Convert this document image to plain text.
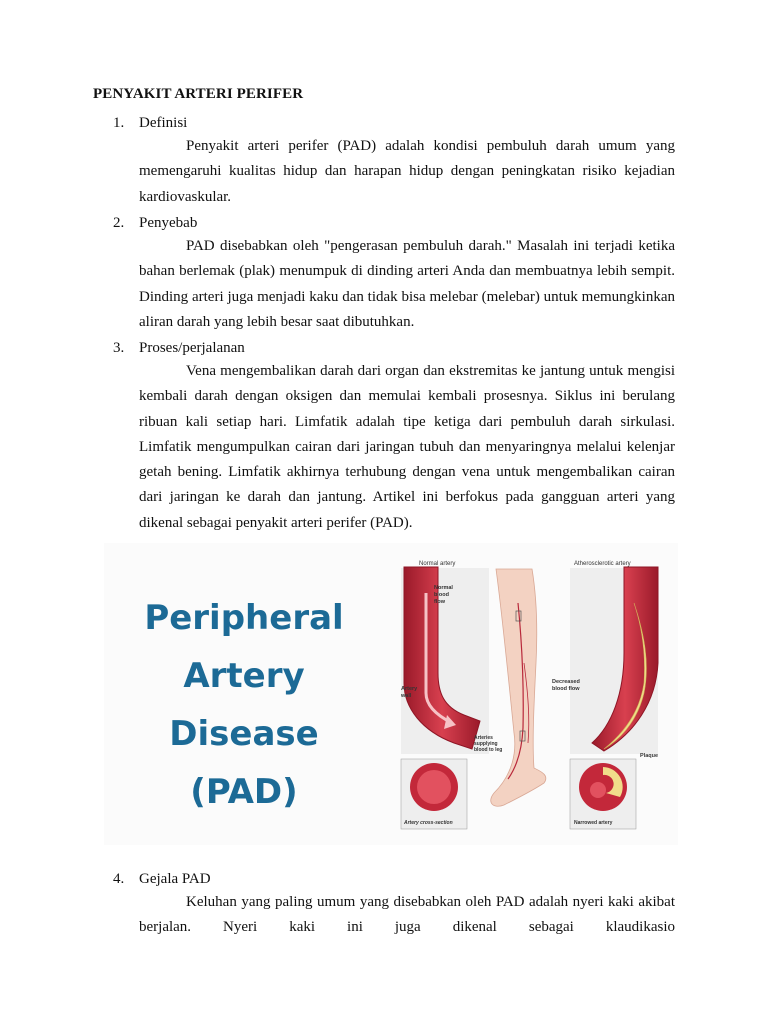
PENYAKIT ARTERI PERIFER
1. Definisi

Penyakit arteri perifer (PAD) adalah kondisi pembuluh darah umum yang memengaruhi kualitas hidup dan harapan hidup dengan peningkatan risiko kejadian kardiovaskular.

2. Penyebab

PAD disebabkan oleh "pengerasan pembuluh darah." Masalah ini terjadi ketika bahan berlemak (plak) menumpuk di dinding arteri Anda dan membuatnya lebih sempit. Dinding arteri juga menjadi kaku dan tidak bisa melebar (melebar) untuk memungkinkan aliran darah yang lebih besar saat dibutuhkan.

3. Proses/perjalanan

Vena mengembalikan darah dari organ dan ekstremitas ke jantung untuk mengisi kembali darah dengan oksigen dan memulai kembali prosesnya. Siklus ini berulang ribuan kali setiap hari. Limfatik adalah tipe ketiga dari pembuluh darah sirkulasi. Limfatik mengumpulkan cairan dari jaringan tubuh dan menyaringnya melalui kelenjar getah bening. Limfatik akhirnya terhubung dengan vena untuk mengembalikan cairan dari jaringan ke darah dan jantung. Artikel ini berfokus pada gangguan arteri yang dikenal sebagai penyakit arteri perifer (PAD).

Peripheral
Artery
Disease
(PAD)
Normal artery
Normal
blood
flow
Artery
wall
Arteries
supplying
blood to leg
Atherosclerotic artery
Decreased
blood flow
Plaque
Artery cross-section	Narrowed artery
4. Gejala PAD

Keluhan yang paling umum yang disebabkan oleh PAD adalah nyeri kaki akibat berjalan. Nyeri kaki ini juga dikenal sebagai klaudikasio
